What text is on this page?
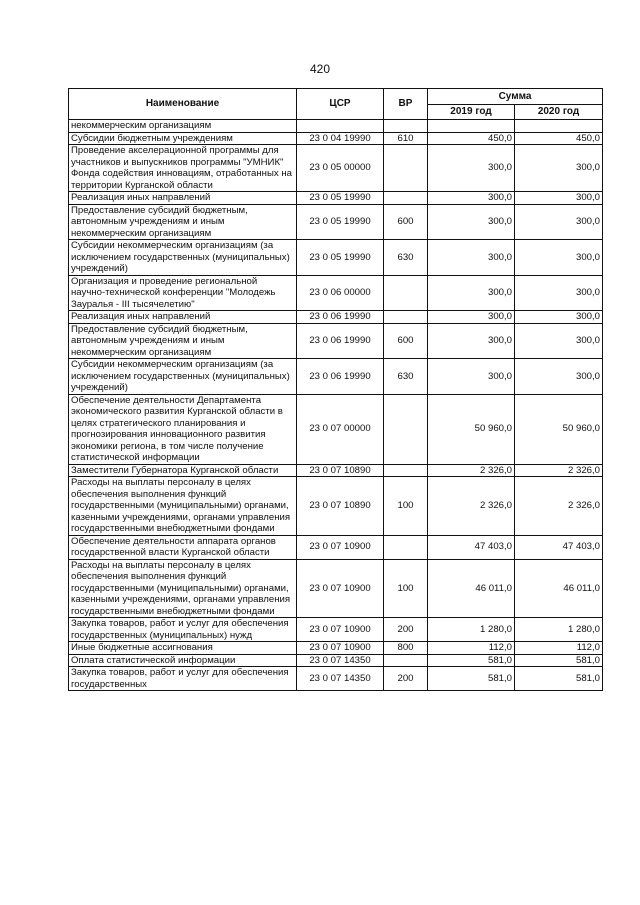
420
Наименование	ЦСР	ВР	Сумма	
			2019 год	2020 год
некоммерческим организациям				
Субсидии бюджетным учреждениям	23 0 04 19990	610	450,0	450,0
Проведение акселерационной программы для участников и выпускников программы "УМНИК" Фонда содействия инновациям, отработанных на территории Курганской области	23 0 05 00000		300,0	300,0
Реализация иных направлений	23 0 05 19990		300,0	300,0
Предоставление субсидий бюджетным, автономным учреждениям и иным некоммерческим организациям	23 0 05 19990	600	300,0	300,0
Субсидии некоммерческим организациям (за исключением государственных (муниципальных) учреждений)	23 0 05 19990	630	300,0	300,0
Организация и проведение региональной научно-технической конференции "Молодежь Зауралья - III тысячелетию"	23 0 06 00000		300,0	300,0
Реализация иных направлений	23 0 06 19990		300,0	300,0
Предоставление субсидий бюджетным, автономным учреждениям и иным некоммерческим организациям	23 0 06 19990	600	300,0	300,0
Субсидии некоммерческим организациям (за исключением государственных (муниципальных) учреждений)	23 0 06 19990	630	300,0	300,0
Обеспечение деятельности Департамента экономического развития Курганской области в целях стратегического планирования и прогнозирования инновационного развития экономики региона, в том числе получение статистической информации	23 0 07 00000		50 960,0	50 960,0
Заместители Губернатора Курганской области	23 0 07 10890		2 326,0	2 326,0
Расходы на выплаты персоналу в целях обеспечения выполнения функций государственными (муниципальными) органами, казенными учреждениями, органами управления государственными внебюджетными фондами	23 0 07 10890	100	2 326,0	2 326,0
Обеспечение деятельности аппарата органов государственной власти Курганской области	23 0 07 10900		47 403,0	47 403,0
Расходы на выплаты персоналу в целях обеспечения выполнения функций государственными (муниципальными) органами, казенными учреждениями, органами управления государственными внебюджетными фондами	23 0 07 10900	100	46 011,0	46 011,0
Закупка товаров, работ и услуг для обеспечения государственных (муниципальных) нужд	23 0 07 10900	200	1 280,0	1 280,0
Иные бюджетные ассигнования	23 0 07 10900	800	112,0	112,0
Оплата статистической информации	23 0 07 14350		581,0	581,0
Закупка товаров, работ и услуг для обеспечения государственных	23 0 07 14350	200	581,0	581,0
